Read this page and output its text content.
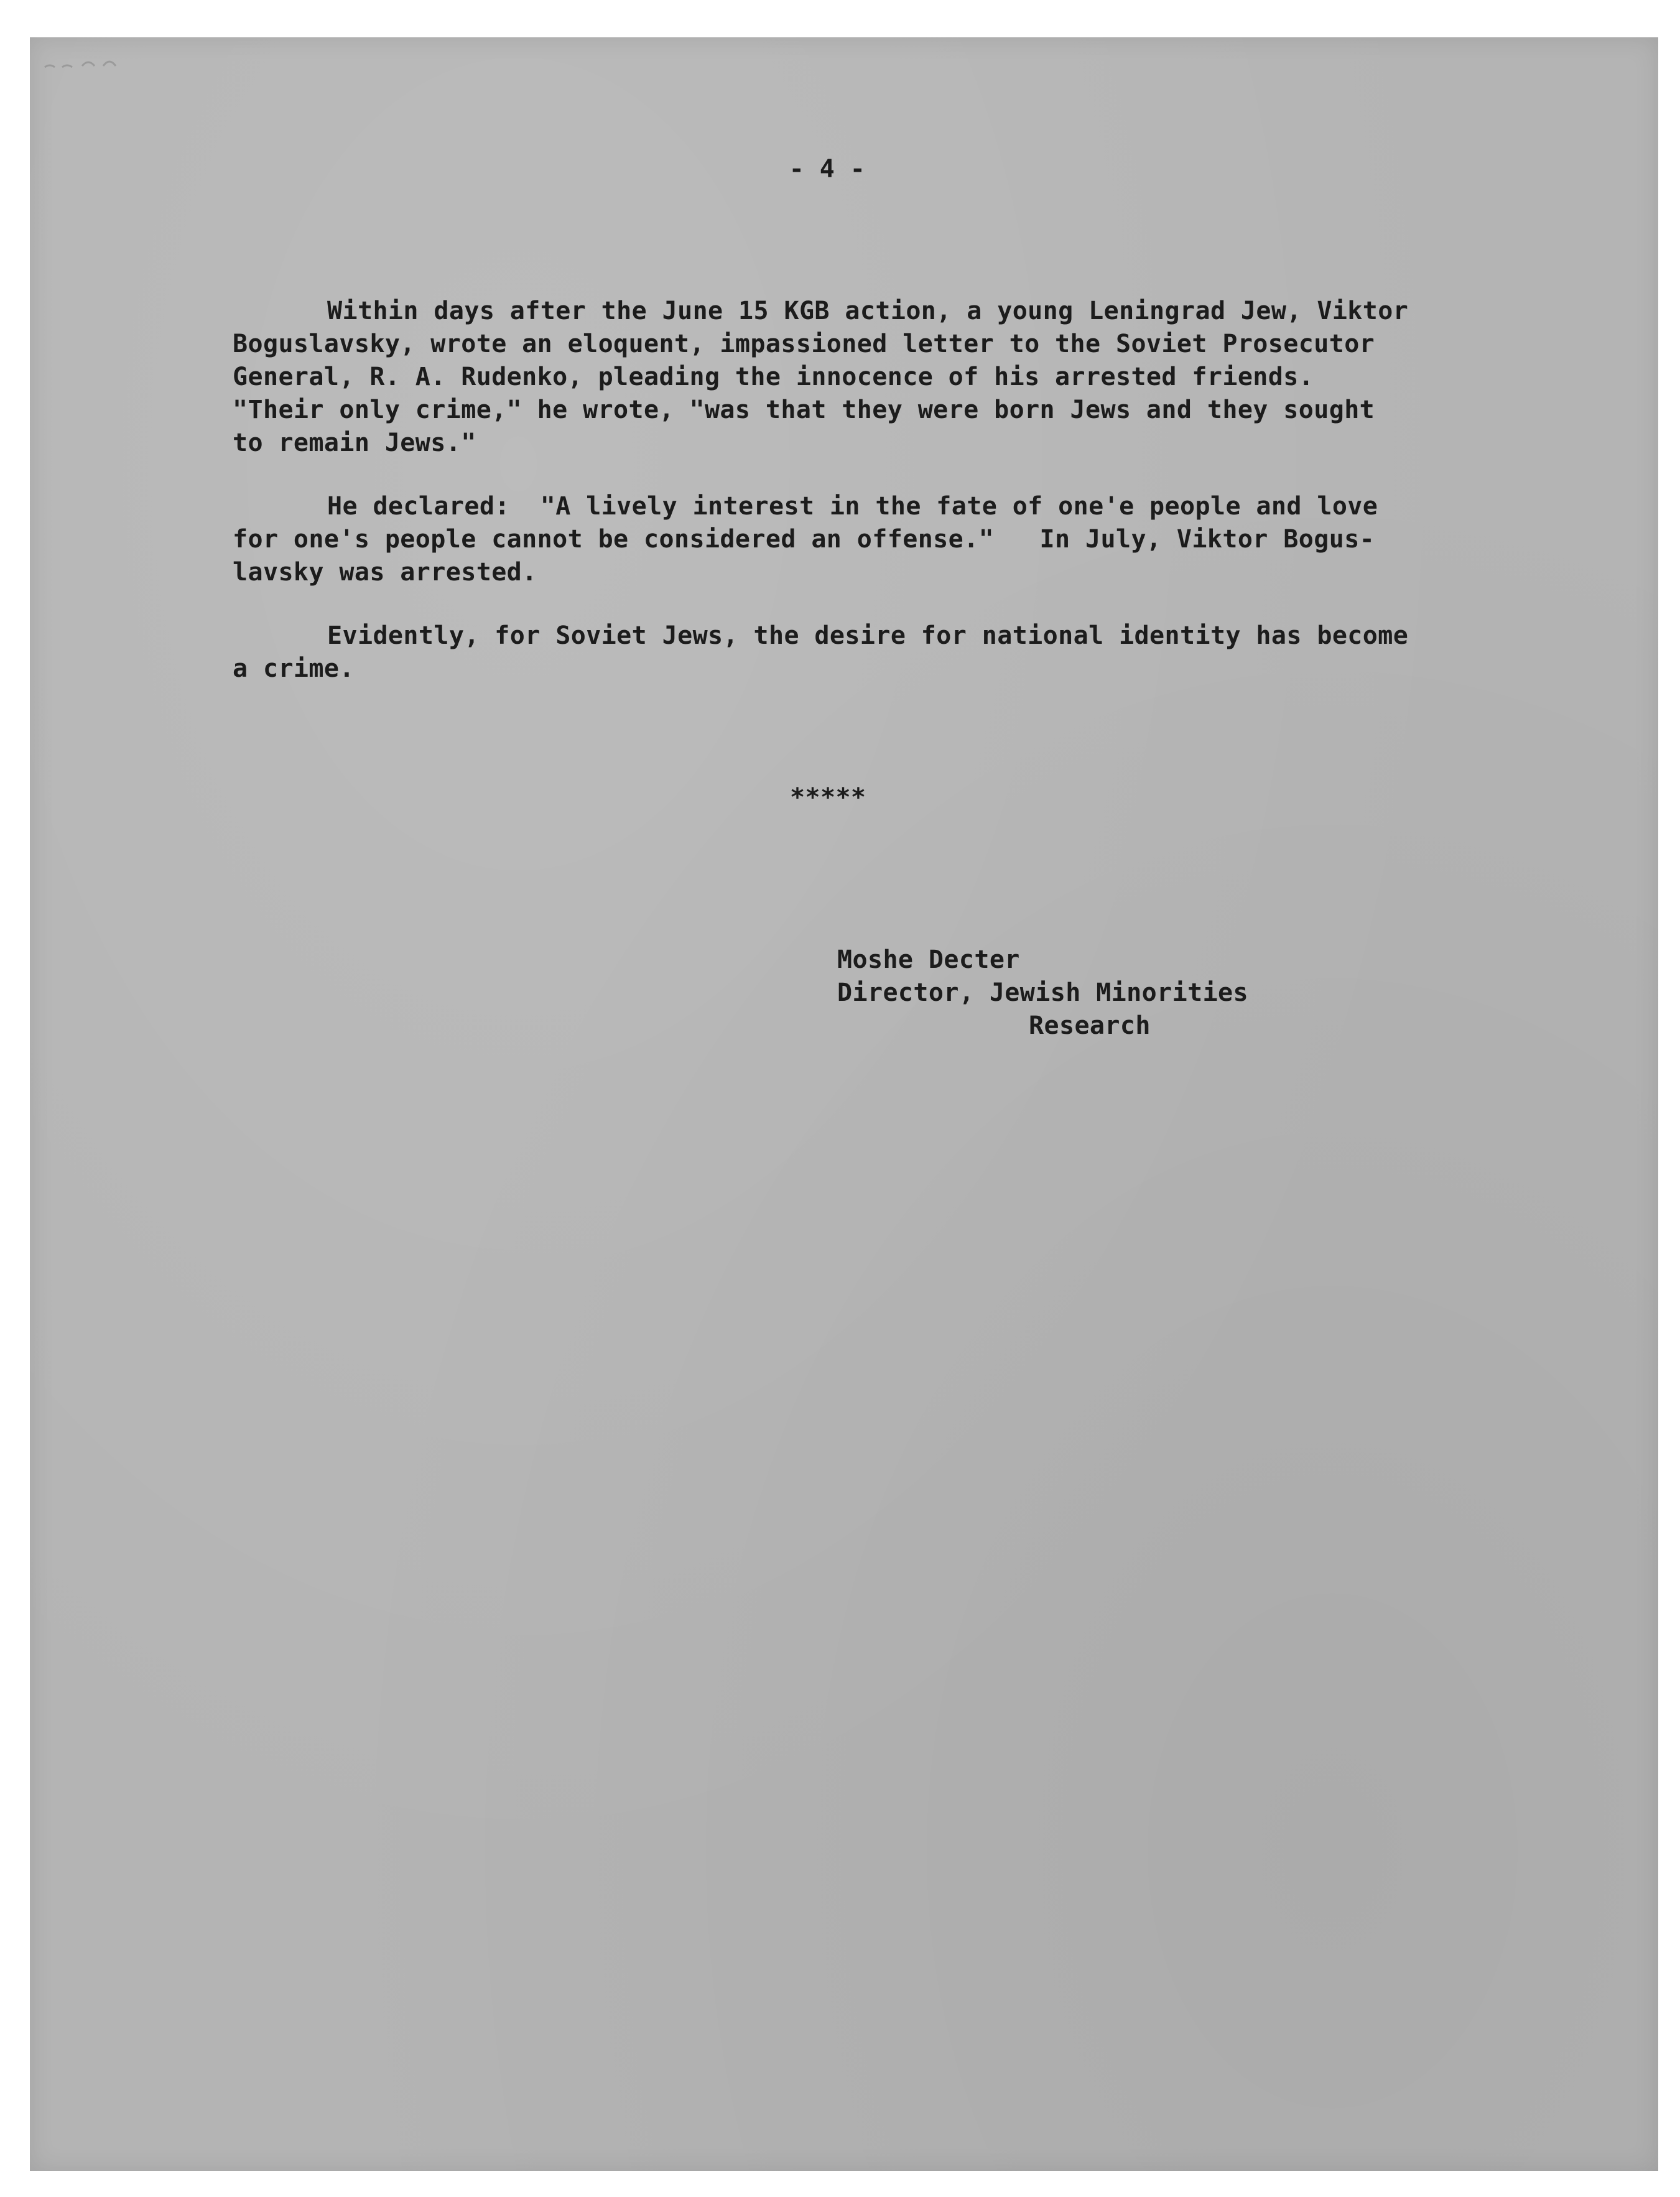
- 4 -
Within days after the June 15 KGB action, a young Leningrad Jew, Viktor
Boguslavsky, wrote an eloquent, impassioned letter to the Soviet Prosecutor
General, R. A. Rudenko, pleading the innocence of his arrested friends.
"Their only crime," he wrote, "was that they were born Jews and they sought
to remain Jews."
He declared:  "A lively interest in the fate of one'e people and love
for one's people cannot be considered an offense."   In July, Viktor Bogus-
lavsky was arrested.
Evidently, for Soviet Jews, the desire for national identity has become
a crime.
*****
Moshe Decter
Director, Jewish Minorities
Research
